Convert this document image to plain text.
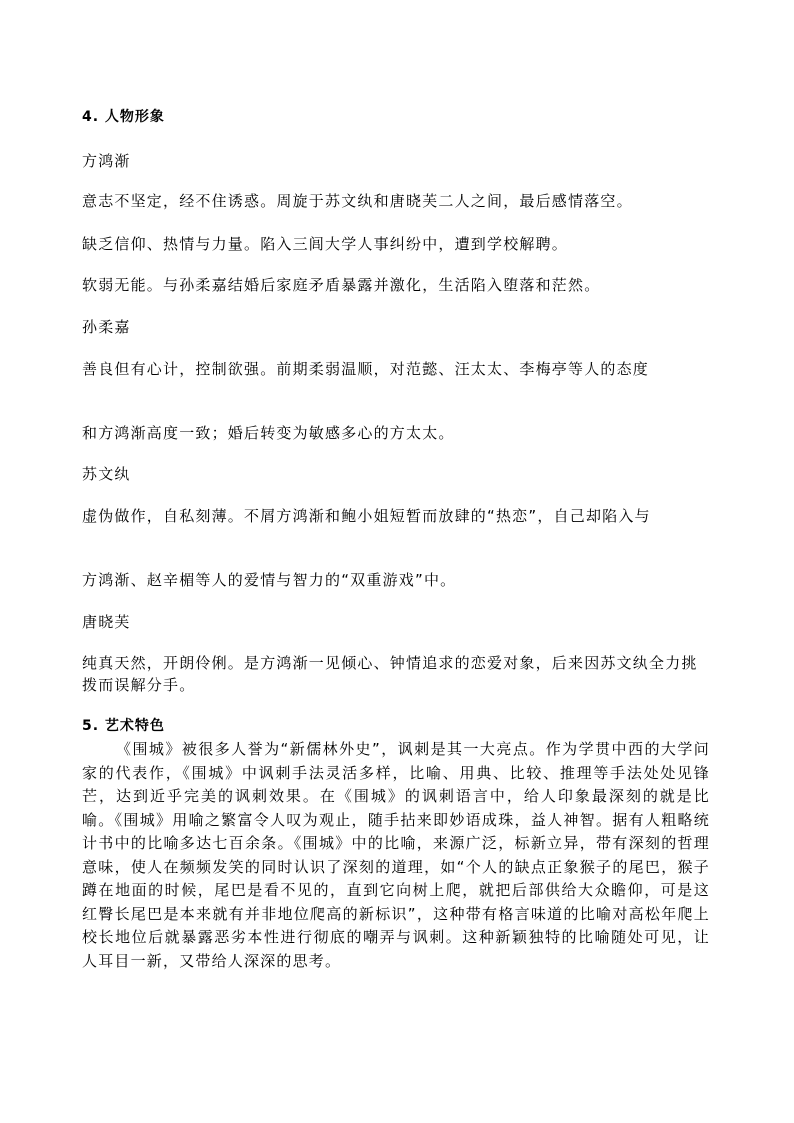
4. 人物形象
方鸿渐
意志不坚定，经不住诱惑。周旋于苏文纨和唐晓芙二人之间，最后感情落空。
缺乏信仰、热情与力量。陷入三闾大学人事纠纷中，遭到学校解聘。
软弱无能。与孙柔嘉结婚后家庭矛盾暴露并激化，生活陷入堕落和茫然。
孙柔嘉
善良但有心计，控制欲强。前期柔弱温顺，对范懿、汪太太、李梅亭等人的态度
和方鸿渐高度一致；婚后转变为敏感多心的方太太。
苏文纨
虚伪做作，自私刻薄。不屑方鸿渐和鲍小姐短暂而放肆的“热恋”，自己却陷入与
方鸿渐、赵辛楣等人的爱情与智力的“双重游戏”中。
唐晓芙
纯真天然，开朗伶俐。是方鸿渐一见倾心、钟情追求的恋爱对象，后来因苏文纨全力挑拨而误解分手。
5. 艺术特色
《围城》被很多人誉为“新儒林外史”，讽刺是其一大亮点。作为学贯中西的大学问家的代表作，《围城》中讽刺手法灵活多样，比喻、用典、比较、推理等手法处处见锋芒，达到近乎完美的讽刺效果。在《围城》的讽刺语言中，给人印象最深刻的就是比喻。《围城》用喻之繁富令人叹为观止，随手拈来即妙语成珠，益人神智。据有人粗略统计书中的比喻多达七百余条。《围城》中的比喻，来源广泛，标新立异，带有深刻的哲理意味，使人在频频发笑的同时认识了深刻的道理，如“个人的缺点正象猴子的尾巴，猴子蹲在地面的时候，尾巴是看不见的，直到它向树上爬，就把后部供给大众瞻仰，可是这红臀长尾巴是本来就有并非地位爬高的新标识”，这种带有格言味道的比喻对高松年爬上校长地位后就暴露恶劣本性进行彻底的嘲弄与讽刺。这种新颖独特的比喻随处可见，让人耳目一新，又带给人深深的思考。
